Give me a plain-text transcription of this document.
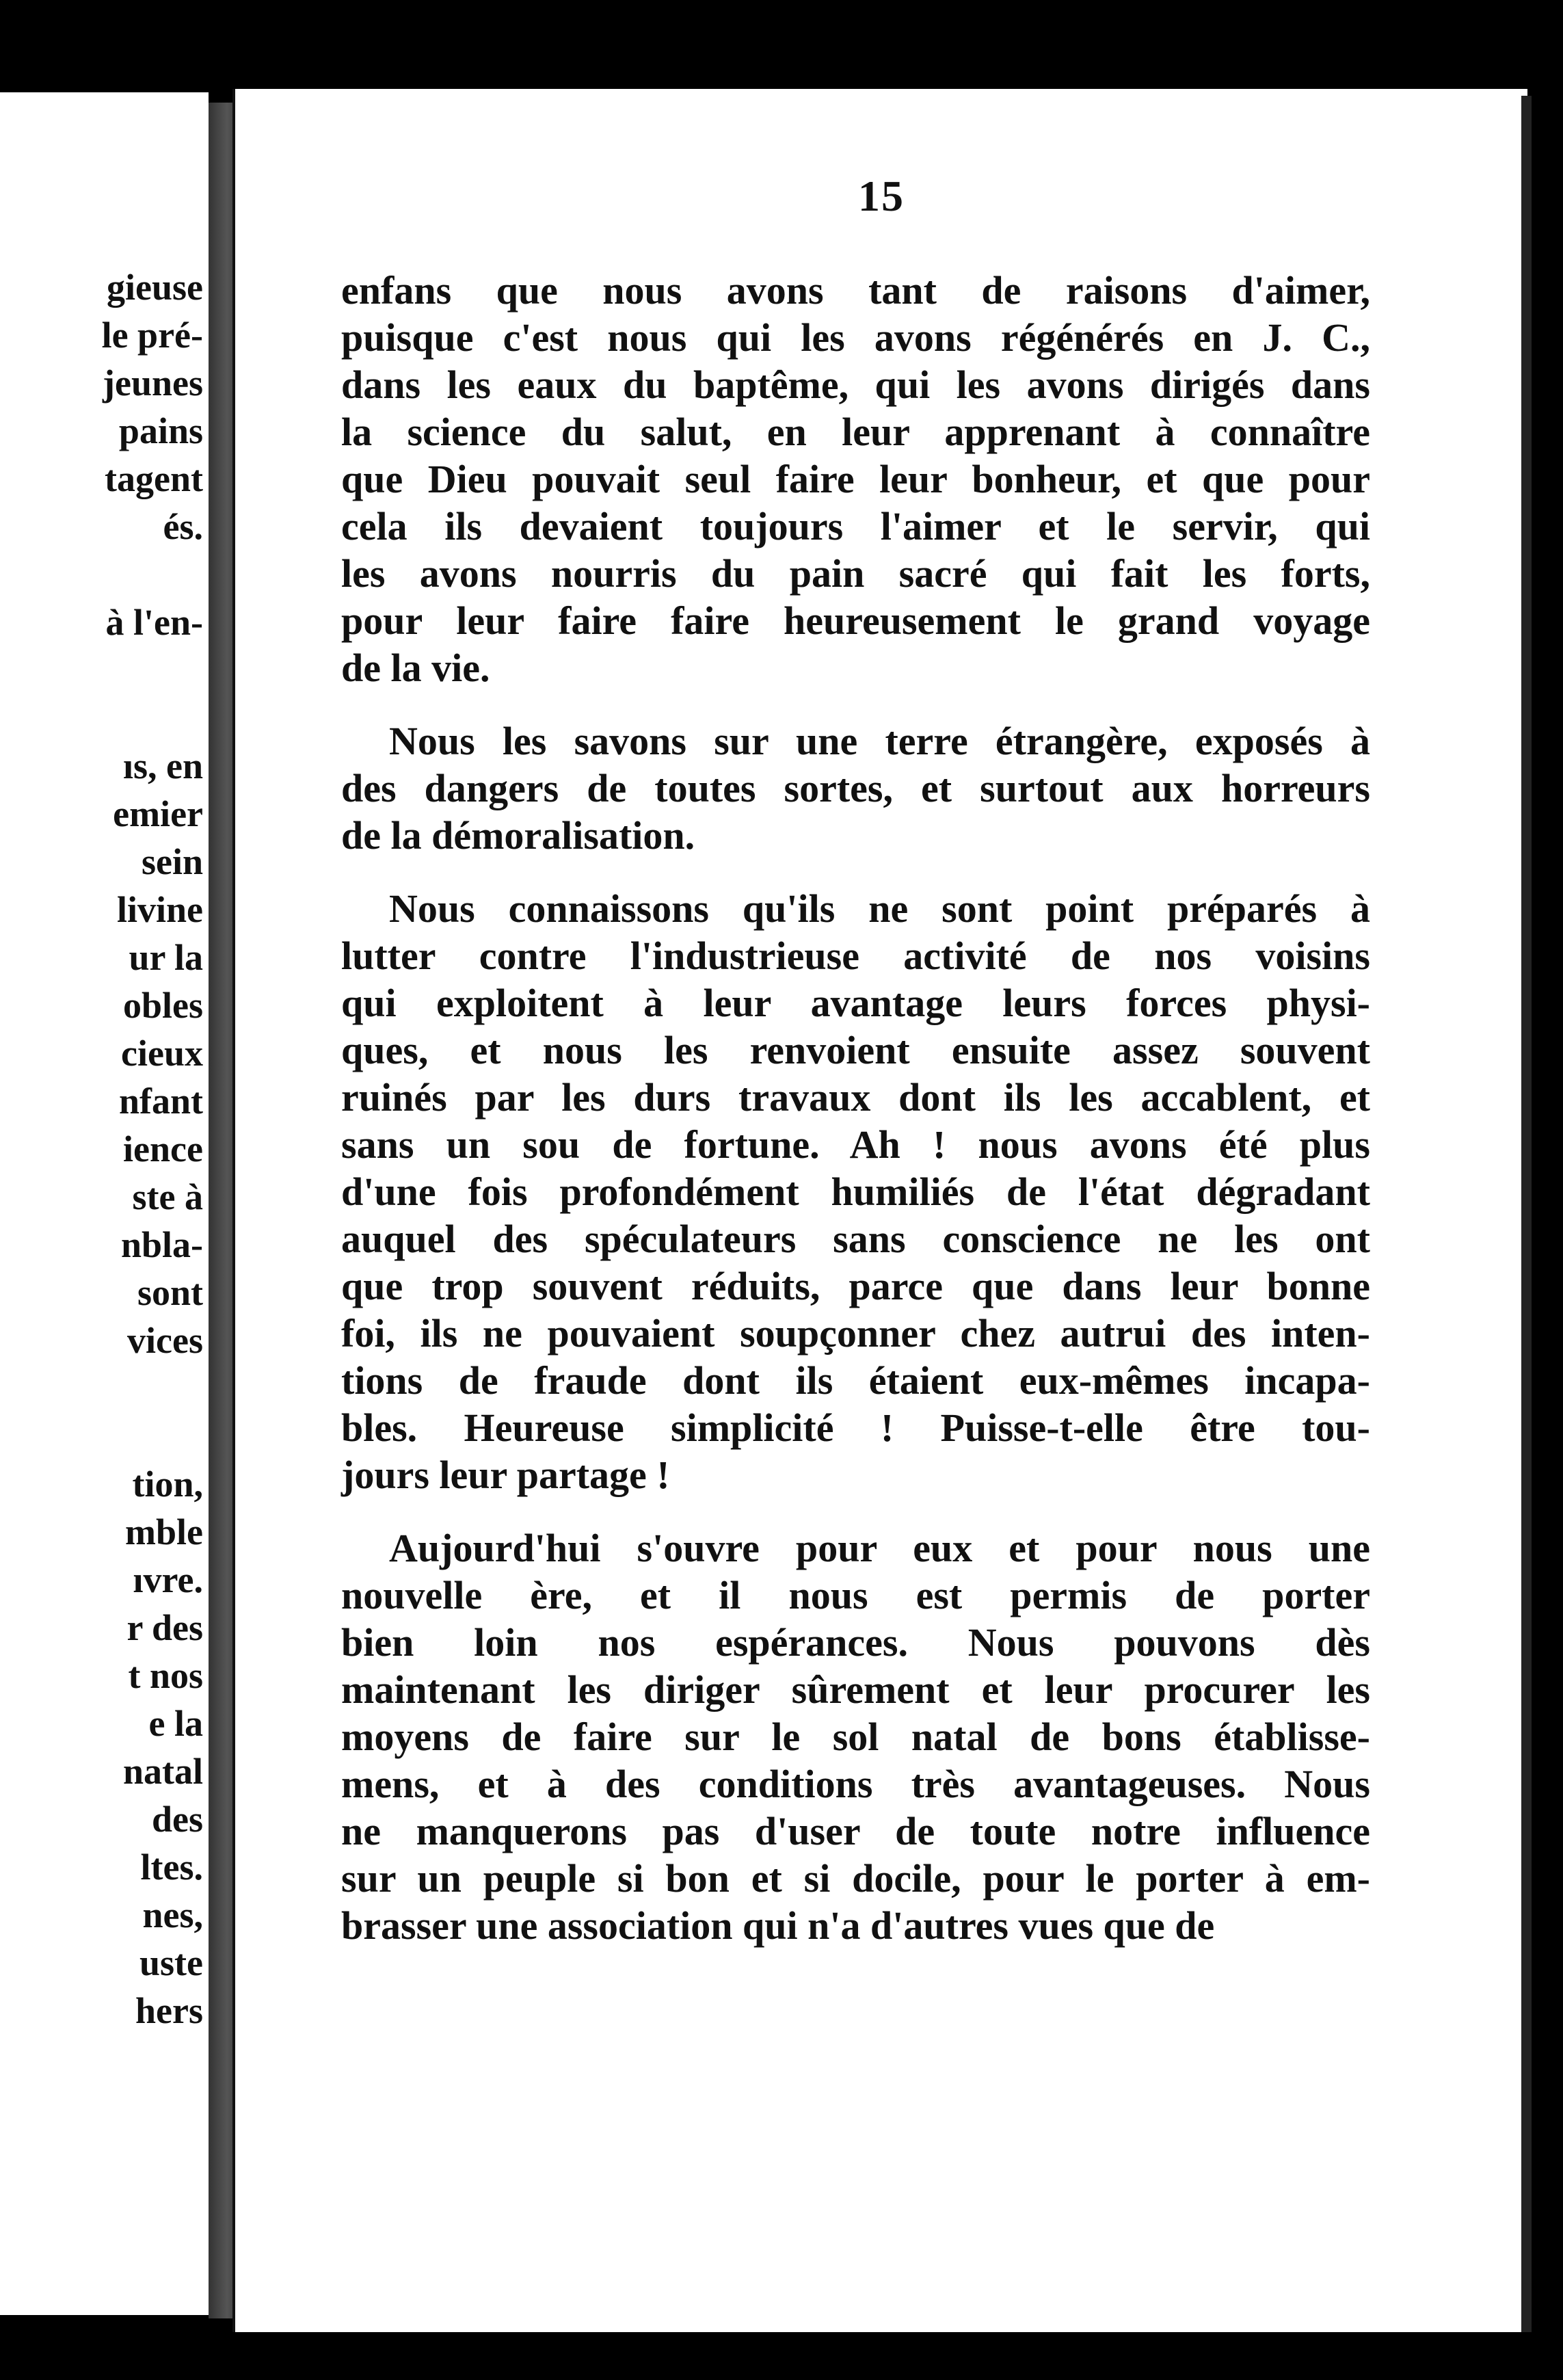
gieuse
le pré-
jeunes
pains
tagent
és.
à l'en-
ıs, en
emier
sein
livine
ur la
obles
cieux
nfant
ience
ste à
nbla-
sont
vices
tion,
mble
ıvre.
r des
t nos
e la
natal
des
ltes.
nes,
uste
hers
15
enfans que nous avons tant de raisons d'aimer,
puisque c'est nous qui les avons régénérés en J. C.,
dans les eaux du baptême, qui les avons dirigés dans
la science du salut, en leur apprenant à connaître
que Dieu pouvait seul faire leur bonheur, et que pour
cela ils devaient toujours l'aimer et le servir, qui
les avons nourris du pain sacré qui fait les forts,
pour leur faire faire heureusement le grand voyage
de la vie.
Nous les savons sur une terre étrangère, exposés à
des dangers de toutes sortes, et surtout aux horreurs
de la démoralisation.
Nous connaissons qu'ils ne sont point préparés à
lutter contre l'industrieuse activité de nos voisins
qui exploitent à leur avantage leurs forces physi-
ques, et nous les renvoient ensuite assez souvent
ruinés par les durs travaux dont ils les accablent, et
sans un sou de fortune. Ah ! nous avons été plus
d'une fois profondément humiliés de l'état dégradant
auquel des spéculateurs sans conscience ne les ont
que trop souvent réduits, parce que dans leur bonne
foi, ils ne pouvaient soupçonner chez autrui des inten-
tions de fraude dont ils étaient eux-mêmes incapa-
bles. Heureuse simplicité ! Puisse-t-elle être tou-
jours leur partage !
Aujourd'hui s'ouvre pour eux et pour nous une
nouvelle ère, et il nous est permis de porter
bien loin nos espérances. Nous pouvons dès
maintenant les diriger sûrement et leur procurer les
moyens de faire sur le sol natal de bons établisse-
mens, et à des conditions très avantageuses. Nous
ne manquerons pas d'user de toute notre influence
sur un peuple si bon et si docile, pour le porter à em-
brasser une association qui n'a d'autres vues que de
